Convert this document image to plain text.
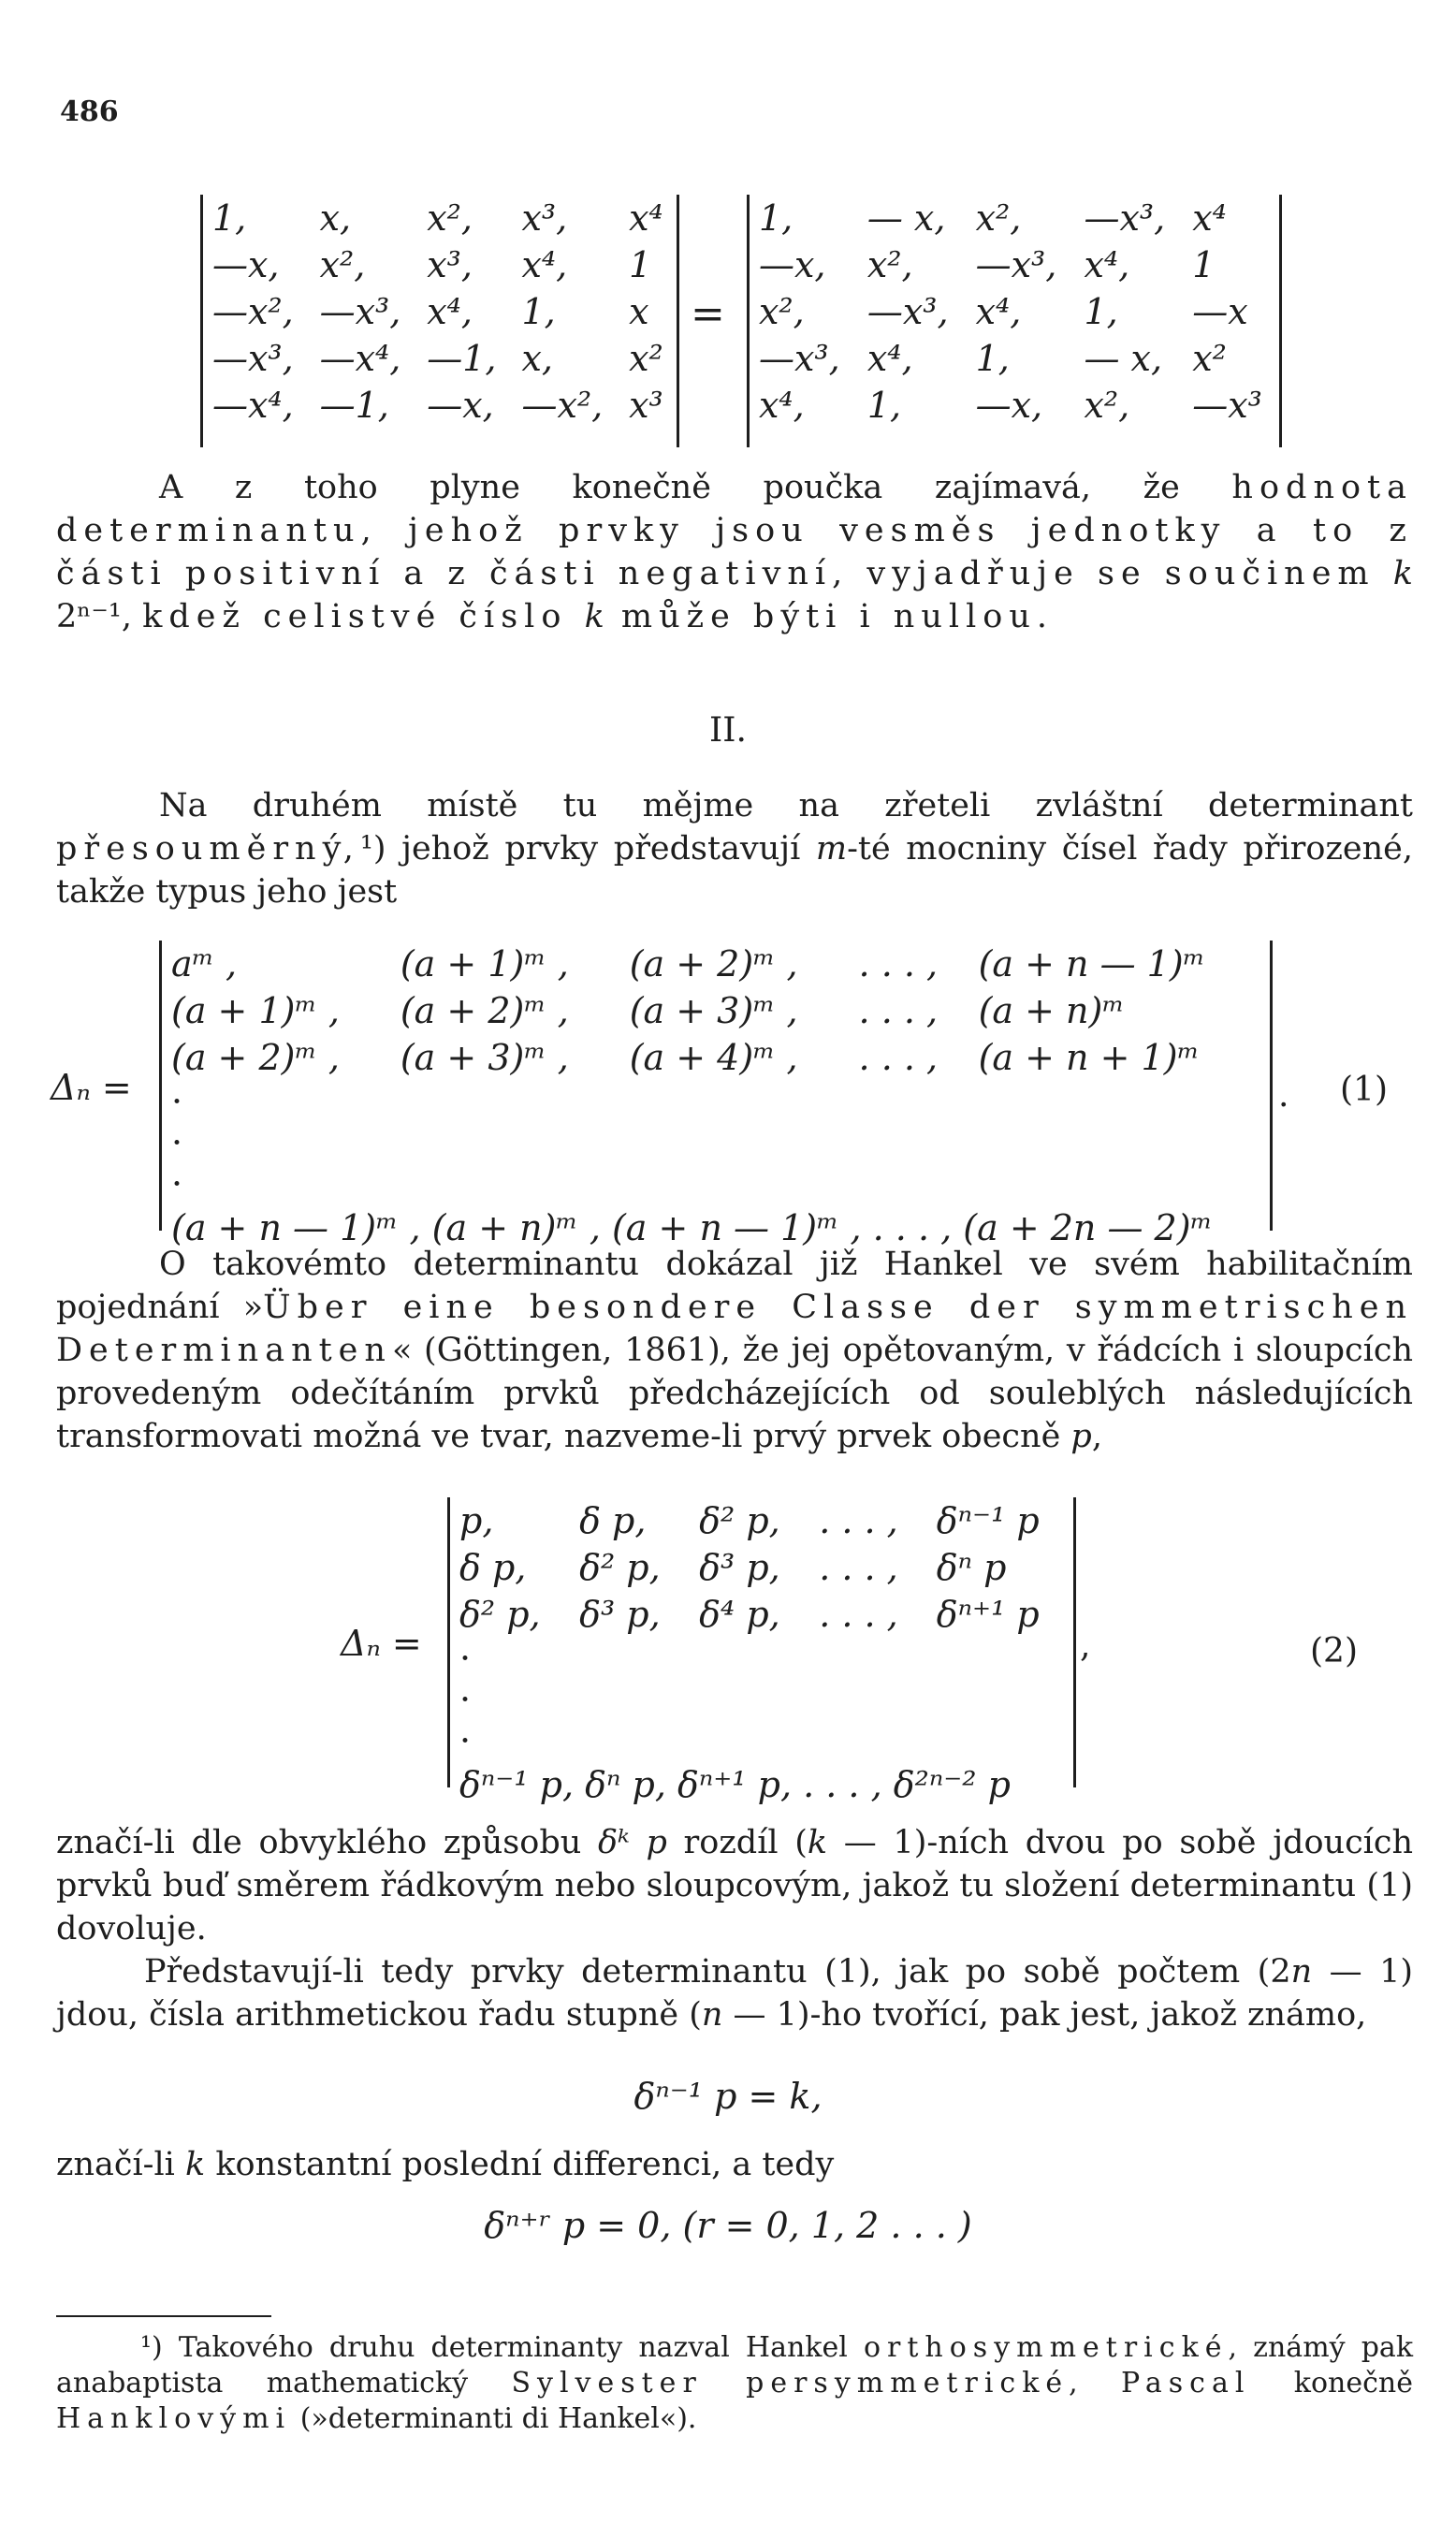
486
1,	x,	x²,	x³,	x⁴
—x,	x²,	x³,	x⁴,	1
—x²,	—x³,	x⁴,	1,	x
—x³,	—x⁴,	—1,	x,	x²
—x⁴,	—1,	—x,	—x²,	x³
=
1,	— x,	x²,	—x³,	x⁴
—x,	x²,	—x³,	x⁴,	1
x²,	—x³,	x⁴,	1,	—x
—x³,	x⁴,	1,	— x,	x²
x⁴,	1,	—x,	x²,	—x³

A z toho plyne konečně poučka zajímavá, že hodnota determinantu, jehož prvky jsou vesměs jednotky a to z části positivní a z části negativní, vyjadřuje se součinem k 2ⁿ⁻¹, kdež celistvé číslo k může býti i nullou.

II.

Na druhém místě tu mějme na zřeteli zvláštní determinant přesouměrný,¹) jehož prvky představují m-té mocniny čísel řady přirozené, takže typus jeho jest

Δₙ =
aᵐ ,	(a + 1)ᵐ ,	(a + 2)ᵐ ,	. . . ,	(a + n — 1)ᵐ
(a + 1)ᵐ ,	(a + 2)ᵐ ,	(a + 3)ᵐ ,	. . . ,	(a + n)ᵐ
(a + 2)ᵐ ,	(a + 3)ᵐ ,	(a + 4)ᵐ ,	. . . ,	(a + n + 1)ᵐ
·				
·				
·				
(a + n — 1)ᵐ , (a + n)ᵐ , (a + n — 1)ᵐ , . . . , (a + 2n — 2)ᵐ				
. (1)

O takovémto determinantu dokázal již Hankel ve svém habilitačním pojednání »Über eine besondere Classe der symmetrischen Determinanten« (Göttingen, 1861), že jej opětovaným, v řádcích i sloupcích provedeným odečítáním prvků předcházejících od souleblých následujících transformovati možná ve tvar, nazveme-li prvý prvek obecně p,

Δₙ =
p,	δ p,	δ² p,	. . . ,	δⁿ⁻¹ p
δ p,	δ² p,	δ³ p,	. . . ,	δⁿ p
δ² p,	δ³ p,	δ⁴ p,	. . . ,	δⁿ⁺¹ p
·				
·				
·				
δⁿ⁻¹ p, δⁿ p, δⁿ⁺¹ p, . . . , δ²ⁿ⁻² p				
,	(2)

značí-li dle obvyklého způsobu δᵏ p rozdíl (k — 1)-ních dvou po sobě jdoucích prvků buď směrem řádkovým nebo sloupcovým, jakož tu složení determinantu (1) dovoluje.

Představují-li tedy prvky determinantu (1), jak po sobě počtem (2n — 1) jdou, čísla arithmetickou řadu stupně (n — 1)-ho tvořící, pak jest, jakož známo,

δⁿ⁻¹ p = k,

značí-li k konstantní poslední differenci, a tedy

δⁿ⁺ʳ p = 0, (r = 0, 1, 2 . . . )

¹) Takového druhu determinanty nazval Hankel orthosymmetrické, známý pak anabaptista mathematický Sylvester persymmetrické, Pascal konečně Hanklovými (»determinanti di Hankel«).
